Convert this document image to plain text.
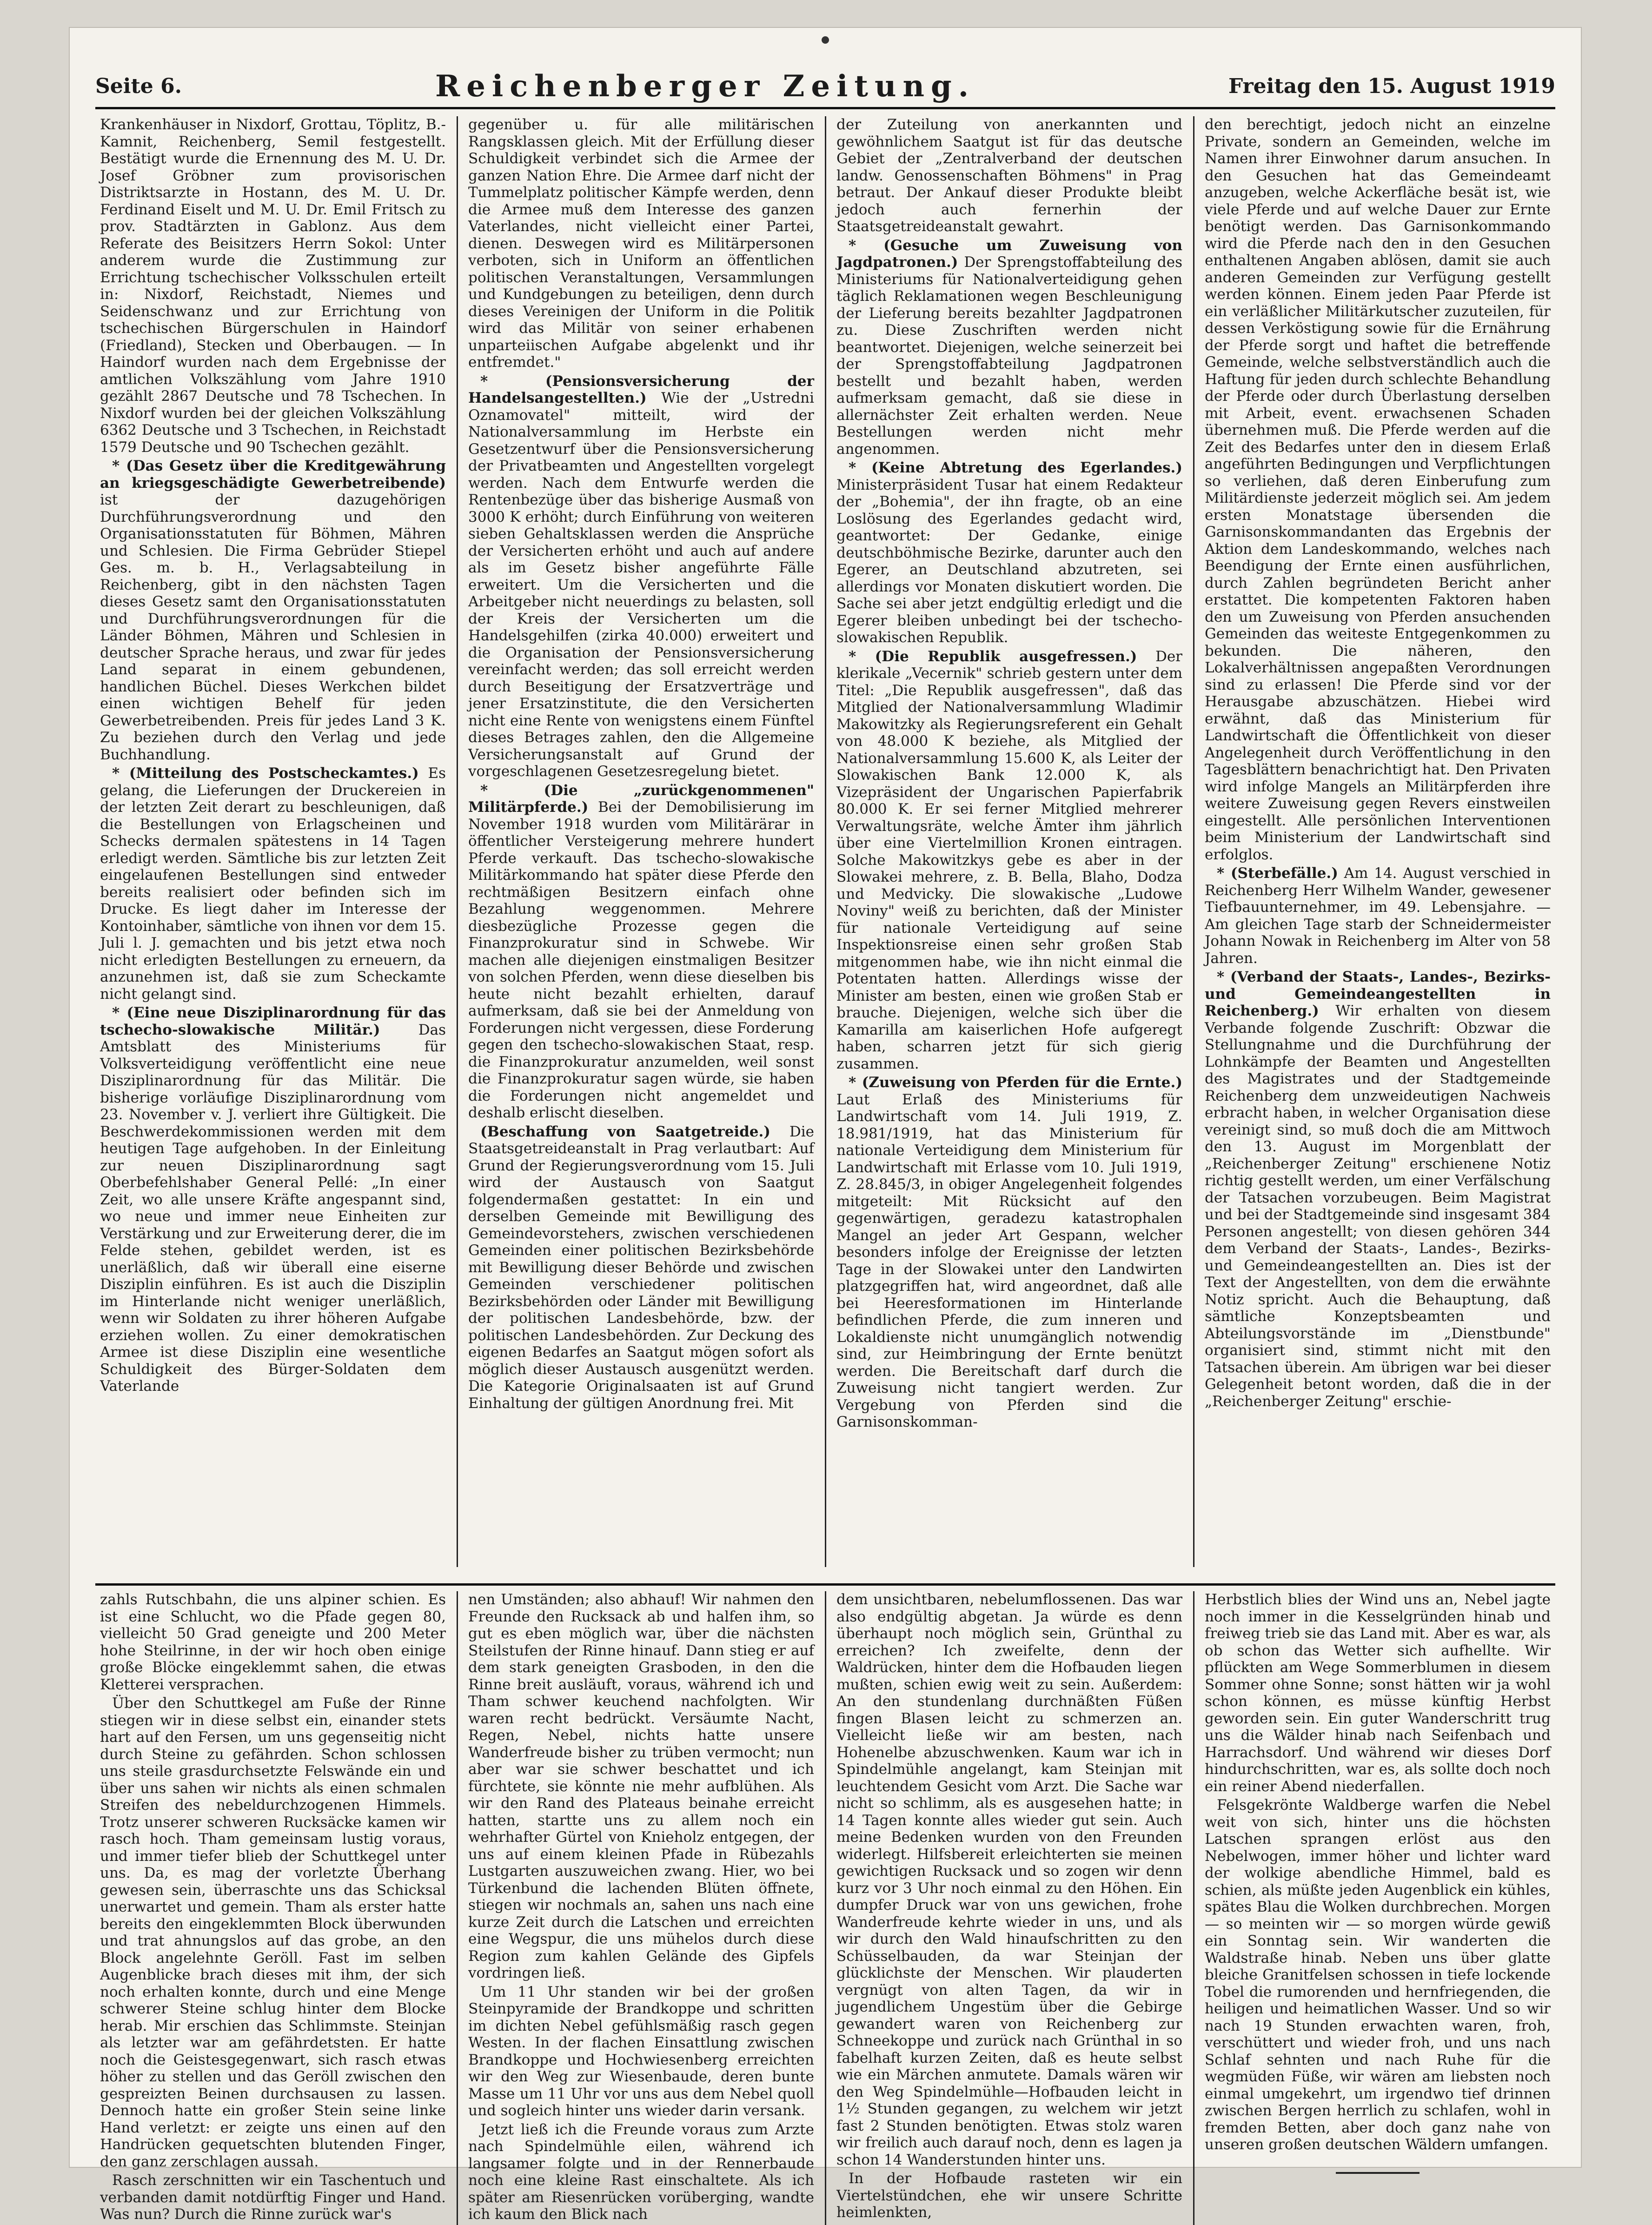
Seite 6.	Reichenberger Zeitung.	Freitag den 15. August 1919

Krankenhäuser in Nixdorf, Grottau, Töplitz, B.-Kamnit, Reichenberg, Semil festgestellt. Bestätigt wurde die Ernennung des M. U. Dr. Josef Gröbner zum provisorischen Distriktsarzte in Hostann, des M. U. Dr. Ferdinand Eiselt und M. U. Dr. Emil Fritsch zu prov. Stadtärzten in Gablonz. Aus dem Referate des Beisitzers Herrn Sokol: Unter anderem wurde die Zustimmung zur Errichtung tschechischer Volksschulen erteilt in: Nixdorf, Reichstadt, Niemes und Seidenschwanz und zur Errichtung von tschechischen Bürgerschulen in Haindorf (Friedland), Stecken und Oberbaugen. — In Haindorf wurden nach dem Ergebnisse der amtlichen Volkszählung vom Jahre 1910 gezählt 2867 Deutsche und 78 Tschechen. In Nixdorf wurden bei der gleichen Volkszählung 6362 Deutsche und 3 Tschechen, in Reichstadt 1579 Deutsche und 90 Tschechen gezählt.

* (Das Gesetz über die Kreditgewährung an kriegsgeschädigte Gewerbetreibende) ist der dazugehörigen Durchführungsverordnung und den Organisationsstatuten für Böhmen, Mähren und Schlesien. Die Firma Gebrüder Stiepel Ges. m. b. H., Verlagsabteilung in Reichenberg, gibt in den nächsten Tagen dieses Gesetz samt den Organisationsstatuten und Durchführungsverordnungen für die Länder Böhmen, Mähren und Schlesien in deutscher Sprache heraus, und zwar für jedes Land separat in einem gebundenen, handlichen Büchel. Dieses Werkchen bildet einen wichtigen Behelf für jeden Gewerbetreibenden. Preis für jedes Land 3 K. Zu beziehen durch den Verlag und jede Buchhandlung.

* (Mitteilung des Postscheckamtes.) Es gelang, die Lieferungen der Druckereien in der letzten Zeit derart zu beschleunigen, daß die Bestellungen von Erlagscheinen und Schecks dermalen spätestens in 14 Tagen erledigt werden. Sämtliche bis zur letzten Zeit eingelaufenen Bestellungen sind entweder bereits realisiert oder befinden sich im Drucke. Es liegt daher im Interesse der Kontoinhaber, sämtliche von ihnen vor dem 15. Juli l. J. gemachten und bis jetzt etwa noch nicht erledigten Bestellungen zu erneuern, da anzunehmen ist, daß sie zum Scheckamte nicht gelangt sind.

* (Eine neue Disziplinarordnung für das tschecho-slowakische Militär.)	Das Amtsblatt des Ministeriums für Volksverteidigung veröffentlicht eine neue Disziplinarordnung für das Militär. Die bisherige vorläufige Disziplinarordnung vom 23. November v. J. verliert ihre Gültigkeit. Die Beschwerdekommissionen werden mit dem heutigen Tage aufgehoben. In der Einleitung zur neuen Disziplinarordnung sagt Oberbefehlshaber General Pellé: „In einer Zeit, wo alle unsere Kräfte angespannt sind, wo neue und immer neue Einheiten zur Verstärkung und zur Erweiterung derer, die im Felde stehen, gebildet werden, ist es unerläßlich, daß wir überall eine eiserne Disziplin einführen. Es ist auch die Disziplin im Hinterlande nicht weniger unerläßlich, wenn wir Soldaten zu ihrer höheren Aufgabe erziehen wollen. Zu einer demokratischen Armee ist diese Disziplin eine wesentliche Schuldigkeit des Bürger-Soldaten dem Vaterlande

gegenüber u. für alle militärischen Rangsklassen gleich. Mit der Erfüllung dieser Schuldigkeit verbindet sich die Armee der ganzen Nation Ehre. Die Armee darf nicht der Tummelplatz politischer Kämpfe werden, denn die Armee muß dem Interesse des ganzen Vaterlandes, nicht vielleicht einer Partei, dienen. Deswegen wird es Militärpersonen verboten, sich in Uniform an öffentlichen politischen Veranstaltungen, Versammlungen und Kundgebungen zu beteiligen, denn durch dieses Vereinigen der Uniform in die Politik wird das Militär von seiner erhabenen unparteiischen Aufgabe abgelenkt und ihr entfremdet."

* (Pensionsversicherung der Handelsangestellten.) Wie der „Ustredni Oznamovatel" mitteilt, wird der Nationalversammlung im Herbste ein Gesetzentwurf über die Pensionsversicherung der Privatbeamten und Angestellten vorgelegt werden. Nach dem Entwurfe werden die Rentenbezüge über das bisherige Ausmaß von 3000 K erhöht; durch Einführung von weiteren sieben Gehaltsklassen werden die Ansprüche der Versicherten erhöht und auch auf andere als im Gesetz bisher angeführte Fälle erweitert. Um die Versicherten und die Arbeitgeber nicht neuerdings zu belasten, soll der Kreis der Versicherten um die Handelsgehilfen (zirka 40.000) erweitert und die Organisation der Pensionsversicherung vereinfacht werden; das soll erreicht werden durch Beseitigung der Ersatzverträge und jener Ersatzinstitute, die den Versicherten nicht eine Rente von wenigstens einem Fünftel dieses Betrages zahlen, den die Allgemeine Versicherungsanstalt auf Grund der vorgeschlagenen Gesetzesregelung bietet.

* (Die „zurückgenommenen" Militärpferde.) Bei der Demobilisierung im November 1918 wurden vom Militärärar in öffentlicher Versteigerung mehrere hundert Pferde verkauft. Das tschecho-slowakische Militärkommando hat später diese Pferde den rechtmäßigen Besitzern einfach ohne Bezahlung weggenommen. Mehrere diesbezügliche Prozesse gegen die Finanzprokuratur sind in Schwebe. Wir machen alle diejenigen einstmaligen Besitzer von solchen Pferden, wenn diese dieselben bis heute nicht bezahlt erhielten, darauf aufmerksam, daß sie bei der Anmeldung von Forderungen nicht vergessen, diese Forderung gegen den tschecho-slowakischen Staat, resp. die Finanzprokuratur anzumelden, weil sonst die Finanzprokuratur sagen würde, sie haben die Forderungen nicht angemeldet und deshalb erlischt dieselben.

(Beschaffung von Saatgetreide.) Die Staatsgetreideanstalt in Prag verlautbart: Auf Grund der Regierungsverordnung vom 15. Juli wird der Austausch von Saatgut folgendermaßen gestattet: In ein und derselben Gemeinde mit Bewilligung des Gemeindevorstehers, zwischen verschiedenen Gemeinden einer politischen Bezirksbehörde mit Bewilligung dieser Behörde und zwischen Gemeinden verschiedener politischen Bezirksbehörden oder Länder mit Bewilligung der politischen Landesbehörde, bzw. der politischen Landesbehörden. Zur Deckung des eigenen Bedarfes an Saatgut mögen sofort als möglich dieser Austausch ausgenützt werden. Die Kategorie Originalsaaten ist auf Grund Einhaltung der gültigen Anordnung frei. Mit

der Zuteilung von anerkannten und gewöhnlichem Saatgut ist für das deutsche Gebiet der „Zentralverband der deutschen landw. Genossenschaften Böhmens" in Prag betraut. Der Ankauf dieser Produkte bleibt jedoch auch fernerhin der Staatsgetreideanstalt gewahrt.

* (Gesuche um Zuweisung von Jagdpatronen.) Der Sprengstoffabteilung des Ministeriums für Nationalverteidigung gehen täglich Reklamationen wegen Beschleunigung der Lieferung bereits bezahlter Jagdpatronen zu. Diese Zuschriften werden nicht beantwortet. Diejenigen, welche seinerzeit bei der Sprengstoffabteilung Jagdpatronen bestellt und bezahlt haben, werden aufmerksam gemacht, daß sie diese in allernächster Zeit erhalten werden. Neue Bestellungen werden nicht mehr angenommen.

* (Keine Abtretung des Egerlandes.) Ministerpräsident Tusar hat einem Redakteur der „Bohemia", der ihn fragte, ob an eine Loslösung des Egerlandes gedacht wird, geantwortet: Der Gedanke, einige deutschböhmische Bezirke, darunter auch den Egerer, an Deutschland abzutreten, sei allerdings vor Monaten diskutiert worden. Die Sache sei aber jetzt endgültig erledigt und die Egerer bleiben unbedingt bei der tschecho-slowakischen Republik.

* (Die Republik ausgefressen.) Der klerikale „Vecernik" schrieb gestern unter dem Titel: „Die Republik ausgefressen", daß das Mitglied der Nationalversammlung Wladimir Makowitzky als Regierungsreferent ein Gehalt von 48.000 K beziehe, als Mitglied der Nationalversammlung 15.600 K, als Leiter der Slowakischen Bank 12.000 K, als Vizepräsident der Ungarischen Papierfabrik 80.000 K. Er sei ferner Mitglied mehrerer Verwaltungsräte, welche Ämter ihm jährlich über eine Viertelmillion Kronen eintragen. Solche Makowitzkys gebe es aber in der Slowakei mehrere, z. B. Bella, Blaho, Dodza und Medvicky. Die slowakische „Ludowe Noviny" weiß zu berichten, daß der Minister für nationale Verteidigung auf seine Inspektionsreise einen sehr großen Stab mitgenommen habe, wie ihn nicht einmal die Potentaten hatten. Allerdings wisse der Minister am besten, einen wie großen Stab er brauche. Diejenigen, welche sich über die Kamarilla am kaiserlichen Hofe aufgeregt haben, scharren jetzt für sich gierig zusammen.

* (Zuweisung von Pferden für die Ernte.) Laut Erlaß des Ministeriums für Landwirtschaft vom 14. Juli 1919, Z. 18.981/1919, hat das Ministerium für nationale Verteidigung dem Ministerium für Landwirtschaft mit Erlasse vom 10. Juli 1919, Z. 28.845/3, in obiger Angelegenheit folgendes mitgeteilt: Mit Rücksicht auf den gegenwärtigen, geradezu katastrophalen Mangel an jeder Art Gespann, welcher besonders infolge der Ereignisse der letzten Tage in der Slowakei unter den Landwirten platzgegriffen hat, wird angeordnet, daß alle bei Heeresformationen im Hinterlande befindlichen Pferde, die zum inneren und Lokaldienste nicht unumgänglich notwendig sind, zur Heimbringung der Ernte benützt werden. Die Bereitschaft darf durch die Zuweisung nicht tangiert werden. Zur Vergebung von Pferden sind die Garnisonskomman-

den berechtigt, jedoch nicht an einzelne Private, sondern an Gemeinden, welche im Namen ihrer Einwohner darum ansuchen. In den Gesuchen hat das Gemeindeamt anzugeben, welche Ackerfläche besät ist, wie viele Pferde und auf welche Dauer zur Ernte benötigt werden. Das Garnisonkommando wird die Pferde nach den in den Gesuchen enthaltenen Angaben ablösen, damit sie auch anderen Gemeinden zur Verfügung gestellt werden können. Einem jeden Paar Pferde ist ein verläßlicher Militärkutscher zuzuteilen, für dessen Verköstigung sowie für die Ernährung der Pferde sorgt und haftet die betreffende Gemeinde, welche selbstverständlich auch die Haftung für jeden durch schlechte Behandlung der Pferde oder durch Überlastung derselben mit Arbeit, event. erwachsenen Schaden übernehmen muß. Die Pferde werden auf die Zeit des Bedarfes unter den in diesem Erlaß angeführten Bedingungen und Verpflichtungen so verliehen, daß deren Einberufung zum Militärdienste jederzeit möglich sei. Am jedem ersten Monatstage übersenden die Garnisonskommandanten das Ergebnis der Aktion dem Landeskommando, welches nach Beendigung der Ernte einen ausführlichen, durch Zahlen begründeten Bericht anher erstattet. Die kompetenten Faktoren haben den um Zuweisung von Pferden ansuchenden Gemeinden das weiteste Entgegenkommen zu bekunden. Die näheren, den Lokalverhältnissen angepaßten Verordnungen sind zu erlassen! Die Pferde sind vor der Herausgabe abzuschätzen. Hiebei wird erwähnt, daß das Ministerium für Landwirtschaft die Öffentlichkeit von dieser Angelegenheit durch Veröffentlichung in den Tagesblättern benachrichtigt hat. Den Privaten wird infolge Mangels an Militärpferden ihre weitere Zuweisung gegen Revers einstweilen eingestellt. Alle persönlichen Interventionen beim Ministerium der Landwirtschaft sind erfolglos.

* (Sterbefälle.) Am 14. August verschied in Reichenberg Herr Wilhelm Wander, gewesener Tiefbauunternehmer, im 49. Lebensjahre. — Am gleichen Tage starb der Schneidermeister Johann Nowak in Reichenberg im Alter von 58 Jahren.

* (Verband der Staats-, Landes-, Bezirks- und Gemeindeangestellten in Reichenberg.) Wir erhalten von diesem Verbande folgende Zuschrift: Obzwar die Stellungnahme und die Durchführung der Lohnkämpfe der Beamten und Angestellten des Magistrates und der Stadtgemeinde Reichenberg dem unzweideutigen Nachweis erbracht haben, in welcher Organisation diese vereinigt sind, so muß doch die am Mittwoch den 13. August im Morgenblatt der „Reichenberger Zeitung" erschienene Notiz richtig gestellt werden, um einer Verfälschung der Tatsachen vorzubeugen. Beim Magistrat und bei der Stadtgemeinde sind insgesamt 384 Personen angestellt; von diesen gehören 344 dem Verband der Staats-, Landes-, Bezirks- und Gemeindeangestellten an. Dies ist der Text der Angestellten, von dem die erwähnte Notiz spricht. Auch die Behauptung, daß sämtliche Konzeptsbeamten und Abteilungsvorstände im „Dienstbunde" organisiert sind, stimmt nicht mit den Tatsachen überein. Am übrigen war bei dieser Gelegenheit betont worden, daß die in der „Reichenberger Zeitung" erschie-

zahls Rutschbahn, die uns alpiner schien. Es ist eine Schlucht, wo die Pfade gegen 80, vielleicht 50 Grad geneigte und 200 Meter hohe Steilrinne, in der wir hoch oben einige große Blöcke eingeklemmt sahen, die etwas Kletterei versprachen.

Über den Schuttkegel am Fuße der Rinne stiegen wir in diese selbst ein, einander stets hart auf den Fersen, um uns gegenseitig nicht durch Steine zu gefährden. Schon schlossen uns steile grasdurchsetzte Felswände ein und über uns sahen wir nichts als einen schmalen Streifen des nebeldurchzogenen Himmels. Trotz unserer schweren Rucksäcke kamen wir rasch hoch. Tham gemeinsam lustig voraus, und immer tiefer blieb der Schuttkegel unter uns. Da, es mag der vorletzte Überhang gewesen sein, überraschte uns das Schicksal unerwartet und gemein. Tham als erster hatte bereits den eingeklemmten Block überwunden und trat ahnungslos auf das grobe, an den Block angelehnte Geröll. Fast im selben Augenblicke brach dieses mit ihm, der sich noch erhalten konnte, durch und eine Menge schwerer Steine schlug hinter dem Blocke herab. Mir erschien das Schlimmste. Steinjan als letzter war am gefährdetsten. Er hatte noch die Geistesgegenwart, sich rasch etwas höher zu stellen und das Geröll zwischen den gespreizten Beinen durchsausen zu lassen. Dennoch hatte ein großer Stein seine linke Hand verletzt: er zeigte uns einen auf den Handrücken gequetschten blutenden Finger, den ganz zerschlagen aussah.

Rasch zerschnitten wir ein Taschentuch und verbanden damit notdürftig Finger und Hand. Was nun? Durch die Rinne zurück war's

nen Umständen; also abhauf! Wir nahmen den Freunde den Rucksack ab und halfen ihm, so gut es eben möglich war, über die nächsten Steilstufen der Rinne hinauf. Dann stieg er auf dem stark geneigten Grasboden, in den die Rinne breit ausläuft, voraus, während ich und Tham schwer keuchend nachfolgten. Wir waren recht bedrückt. Versäumte Nacht, Regen, Nebel, nichts hatte unsere Wanderfreude bisher zu trüben vermocht; nun aber war sie schwer beschattet und ich fürchtete, sie könnte nie mehr aufblühen. Als wir den Rand des Plateaus beinahe erreicht hatten, startte uns zu allem noch ein wehrhafter Gürtel von Knieholz entgegen, der uns auf einem kleinen Pfade in Rübezahls Lustgarten auszuweichen zwang. Hier, wo bei Türkenbund die lachenden Blüten öffnete, stiegen wir nochmals an, sahen uns nach eine kurze Zeit durch die Latschen und erreichten eine Wegspur, die uns mühelos durch diese Region zum kahlen Gelände des Gipfels vordringen ließ.

Um 11 Uhr standen wir bei der großen Steinpyramide der Brandkoppe und schritten im dichten Nebel gefühlsmäßig rasch gegen Westen. In der flachen Einsattlung zwischen Brandkoppe und Hochwiesenberg erreichten wir den Weg zur Wiesenbaude, deren bunte Masse um 11 Uhr vor uns aus dem Nebel quoll und sogleich hinter uns wieder darin versank.

Jetzt ließ ich die Freunde voraus zum Arzte nach Spindelmühle eilen, während ich langsamer folgte und in der Rennerbaude noch eine kleine Rast einschaltete. Als ich später am Riesenrücken vorüberging, wandte ich kaum den Blick nach

dem unsichtbaren, nebelumflossenen. Das war also endgültig abgetan. Ja würde es denn überhaupt noch möglich sein, Grünthal zu erreichen? Ich zweifelte, denn der Waldrücken, hinter dem die Hofbauden liegen mußten, schien ewig weit zu sein. Außerdem: An den stundenlang durchnäßten Füßen fingen Blasen leicht zu schmerzen an. Vielleicht ließe wir am besten, nach Hohenelbe abzuschwenken. Kaum war ich in Spindelmühle angelangt, kam Steinjan mit leuchtendem Gesicht vom Arzt. Die Sache war nicht so schlimm, als es ausgesehen hatte; in 14 Tagen konnte alles wieder gut sein. Auch meine Bedenken wurden von den Freunden widerlegt. Hilfsbereit erleichterten sie meinen gewichtigen Rucksack und so zogen wir denn kurz vor 3 Uhr noch einmal zu den Höhen. Ein dumpfer Druck war von uns gewichen, frohe Wanderfreude kehrte wieder in uns, und als wir durch den Wald hinaufschritten zu den Schüsselbauden, da war Steinjan der glücklichste der Menschen. Wir plauderten vergnügt von alten Tagen, da wir in jugendlichem Ungestüm über die Gebirge gewandert waren von Reichenberg zur Schneekoppe und zurück nach Grünthal in so fabelhaft kurzen Zeiten, daß es heute selbst wie ein Märchen anmutete. Damals wären wir den Weg Spindelmühle—Hofbauden leicht in 1½ Stunden gegangen, zu welchem wir jetzt fast 2 Stunden benötigten. Etwas stolz waren wir freilich auch darauf noch, denn es lagen ja schon 14 Wanderstunden hinter uns.

In der Hofbaude rasteten wir ein Viertelstündchen, ehe wir unsere Schritte heimlenkten,

Herbstlich blies der Wind uns an, Nebel jagte noch immer in die Kesselgründen hinab und freiweg trieb sie das Land mit. Aber es war, als ob schon das Wetter sich aufhellte. Wir pflückten am Wege Sommerblumen in diesem Sommer ohne Sonne; sonst hätten wir ja wohl schon können, es müsse künftig Herbst geworden sein. Ein guter Wanderschritt trug uns die Wälder hinab nach Seifenbach und Harrachsdorf. Und während wir dieses Dorf hindurchschritten, war es, als sollte doch noch ein reiner Abend niederfallen.

Felsgekrönte Waldberge warfen die Nebel weit von sich, hinter uns die höchsten Latschen sprangen erlöst aus den Nebelwogen, immer höher und lichter ward der wolkige abendliche Himmel, bald es schien, als müßte jeden Augenblick ein kühles, spätes Blau die Wolken durchbrechen. Morgen — so meinten wir — so morgen würde gewiß ein Sonntag sein. Wir wanderten die Waldstraße hinab. Neben uns über glatte bleiche Granitfelsen schossen in tiefe lockende Tobel die rumorenden und hernfriegenden, die heiligen und heimatlichen Wasser. Und so wir nach 19 Stunden erwachten waren, froh, verschüttert und wieder froh, und uns nach Schlaf sehnten und nach Ruhe für die wegmüden Füße, wir wären am liebsten noch einmal umgekehrt, um irgendwo tief drinnen zwischen Bergen herrlich zu schlafen, wohl in fremden Betten, aber doch ganz nahe von unseren großen deutschen Wäldern umfangen.
